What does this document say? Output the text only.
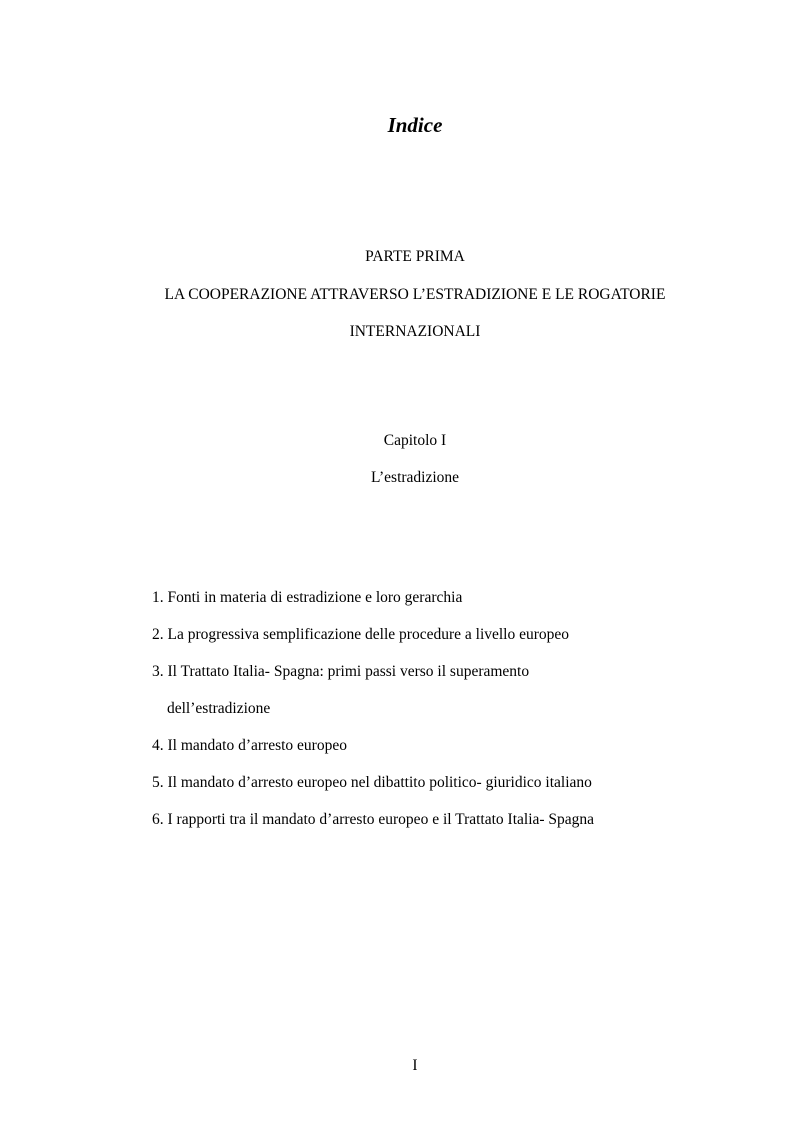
Indice
PARTE PRIMA
LA COOPERAZIONE ATTRAVERSO L’ESTRADIZIONE E LE ROGATORIE
INTERNAZIONALI
Capitolo I
L’estradizione
1. Fonti in materia di estradizione e loro gerarchia
2. La progressiva semplificazione delle procedure a livello europeo
3. Il Trattato Italia- Spagna: primi passi verso il superamento
dell’estradizione
4. Il mandato d’arresto europeo
5. Il mandato d’arresto europeo nel dibattito politico- giuridico italiano
6. I rapporti tra il mandato d’arresto europeo e il Trattato Italia- Spagna
I
